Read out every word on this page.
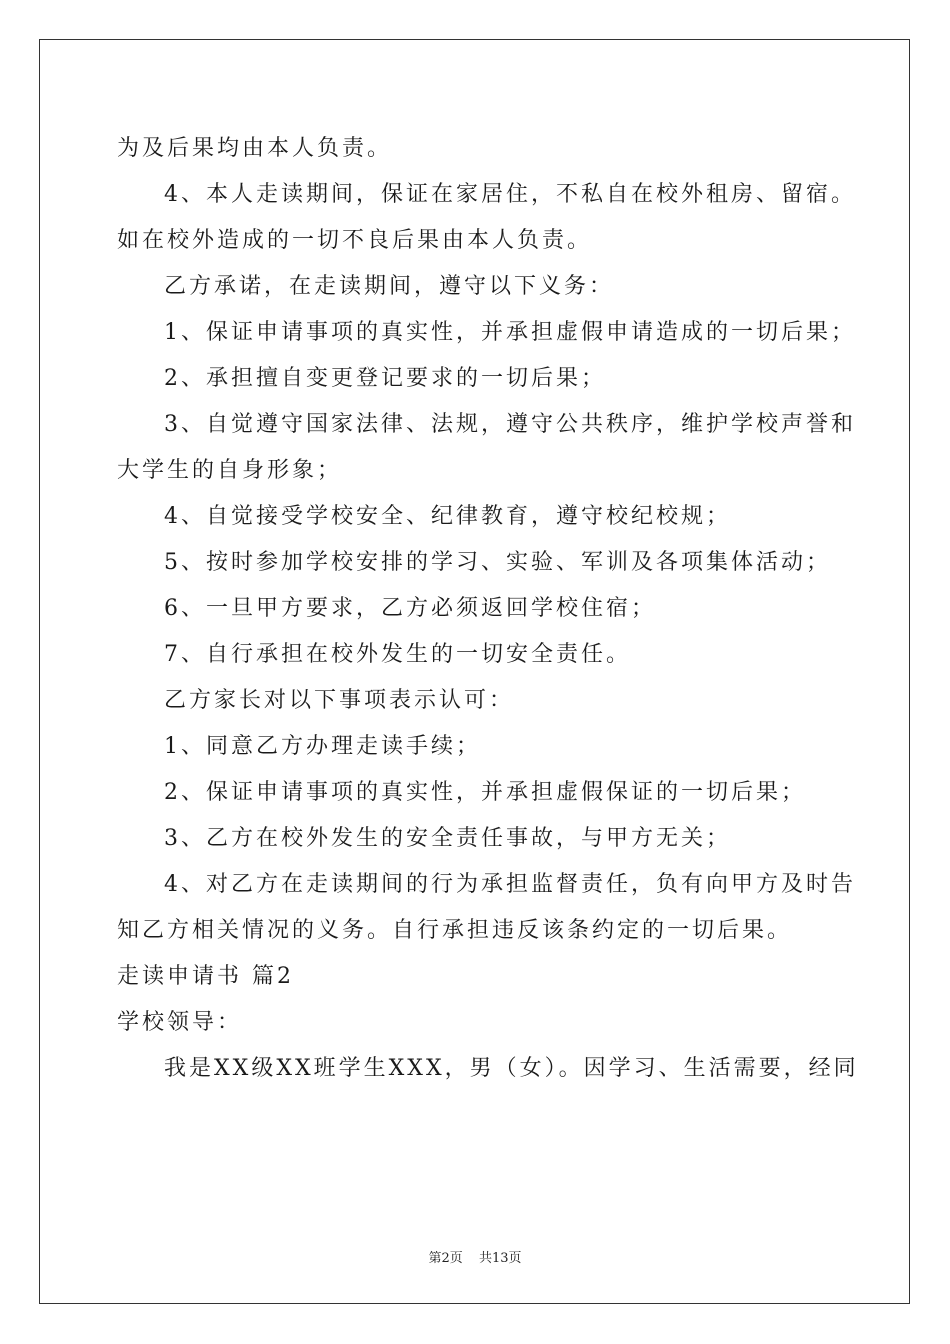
为及后果均由本人负责。
4、本人走读期间，保证在家居住，不私自在校外租房、留宿。
如在校外造成的一切不良后果由本人负责。
乙方承诺，在走读期间，遵守以下义务：
1、保证申请事项的真实性，并承担虚假申请造成的一切后果；
2、承担擅自变更登记要求的一切后果；
3、自觉遵守国家法律、法规，遵守公共秩序，维护学校声誉和
大学生的自身形象；
4、自觉接受学校安全、纪律教育，遵守校纪校规；
5、按时参加学校安排的学习、实验、军训及各项集体活动；
6、一旦甲方要求，乙方必须返回学校住宿；
7、自行承担在校外发生的一切安全责任。
乙方家长对以下事项表示认可：
1、同意乙方办理走读手续；
2、保证申请事项的真实性，并承担虚假保证的一切后果；
3、乙方在校外发生的安全责任事故，与甲方无关；
4、对乙方在走读期间的行为承担监督责任，负有向甲方及时告
知乙方相关情况的义务。自行承担违反该条约定的一切后果。
走读申请书 篇2
学校领导：
我是XX级XX班学生XXX，男（女）。因学习、生活需要，经同
第2页 共13页
